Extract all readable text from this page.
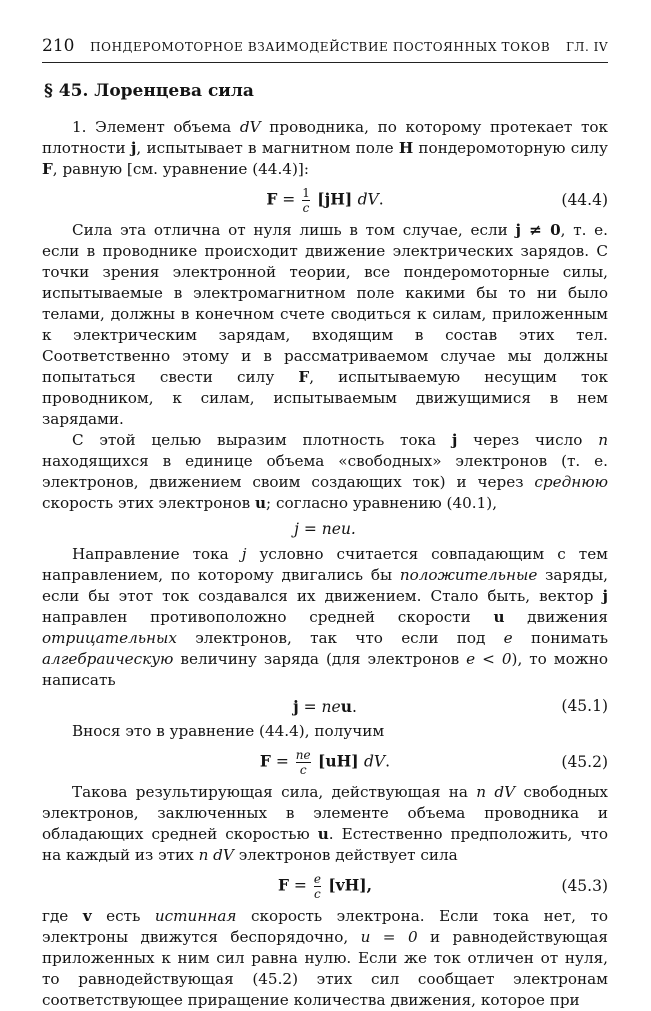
210 ПОНДЕРОМОТОРНОЕ ВЗАИМОДЕЙСТВИЕ ПОСТОЯННЫХ ТОКОВ ГЛ. IV
§ 45. Лоренцева сила

1. Элемент объема dV проводника, по которому протекает ток плотности j, испытывает в магнитном поле H пондеромоторную силу F, равную [см. уравнение (44.4)]:

$F = \frac{1}{c} [jH]$ dV.	(44.4)

Сила эта отлична от нуля лишь в том случае, если j ≠ 0, т. е. если в проводнике происходит движение электрических зарядов. С точки зрения электронной теории, все пондеромоторные силы, испытываемые в электромагнитном поле какими бы то ни было телами, должны в конечном счете сводиться к силам, приложенным к электрическим зарядам, входящим в состав этих тел. Соответственно этому и в рассматриваемом случае мы должны попытаться свести силу F, испытываемую несущим ток проводником, к силам, испытываемым движущимися в нем зарядами.

С этой целью выразим плотность тока j через число n находящихся в единице объема «свободных» электронов (т. е. электронов, движением своим создающих ток) и через среднюю скорость этих электронов u; согласно уравнению (40.1),

j = neu.

Направление тока j условно считается совпадающим с тем направлением, по которому двигались бы положительные заряды, если бы этот ток создавался их движением. Стало быть, вектор j направлен противоположно средней скорости u движения отрицательных электронов, так что если под e понимать алгебраическую величину заряда (для электронов e < 0), то можно написать

j = neu.	(45.1)

Внося это в уравнение (44.4), получим

$F = \frac{ne}{c} [uH]$ dV.	(45.2)

Такова результирующая сила, действующая на n dV свободных электронов, заключенных в элементе объема проводника и обладающих средней скоростью u. Естественно предположить, что на каждый из этих n dV электронов действует сила

$F = \frac{e}{c} [vH]$,	(45.3)

где v есть истинная скорость электрона. Если тока нет, то электроны движутся беспорядочно, u = 0 и равнодействующая приложенных к ним сил равна нулю. Если же ток отличен от нуля, то равнодействующая (45.2) этих сил сообщает электронам соответствующее приращение количества движения, которое при
